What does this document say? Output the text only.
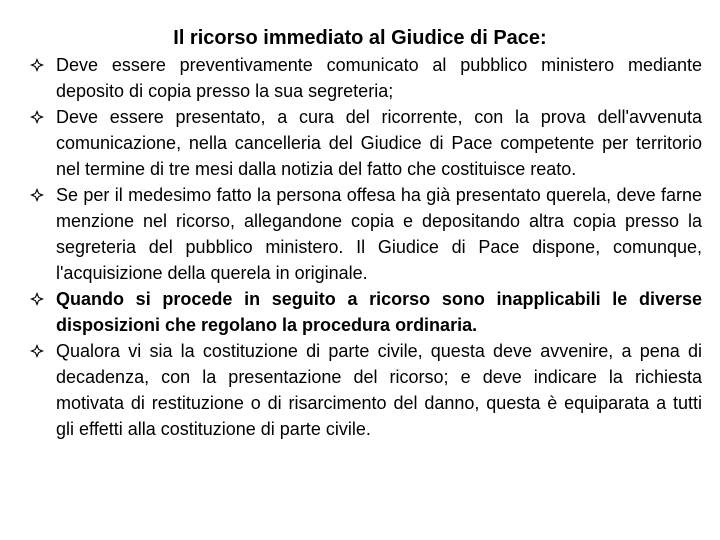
Il ricorso immediato al Giudice di Pace:
Deve essere preventivamente comunicato al pubblico ministero mediante deposito di copia presso la sua segreteria;
Deve essere presentato, a cura del ricorrente, con la prova dell'avvenuta comunicazione, nella cancelleria del Giudice di Pace competente per territorio nel termine di tre mesi dalla notizia del fatto che costituisce reato.
Se per il medesimo fatto la persona offesa ha già presentato querela, deve farne menzione nel ricorso, allegandone copia e depositando altra copia presso la segreteria del pubblico ministero. Il Giudice di Pace dispone, comunque, l'acquisizione della querela in originale.
Quando si procede in seguito a ricorso sono inapplicabili le diverse disposizioni che regolano la procedura ordinaria.
Qualora vi sia la costituzione di parte civile, questa deve avvenire, a pena di decadenza, con la presentazione del ricorso; e deve indicare la richiesta motivata di restituzione o di risarcimento del danno, questa è equiparata a tutti gli effetti alla costituzione di parte civile.
